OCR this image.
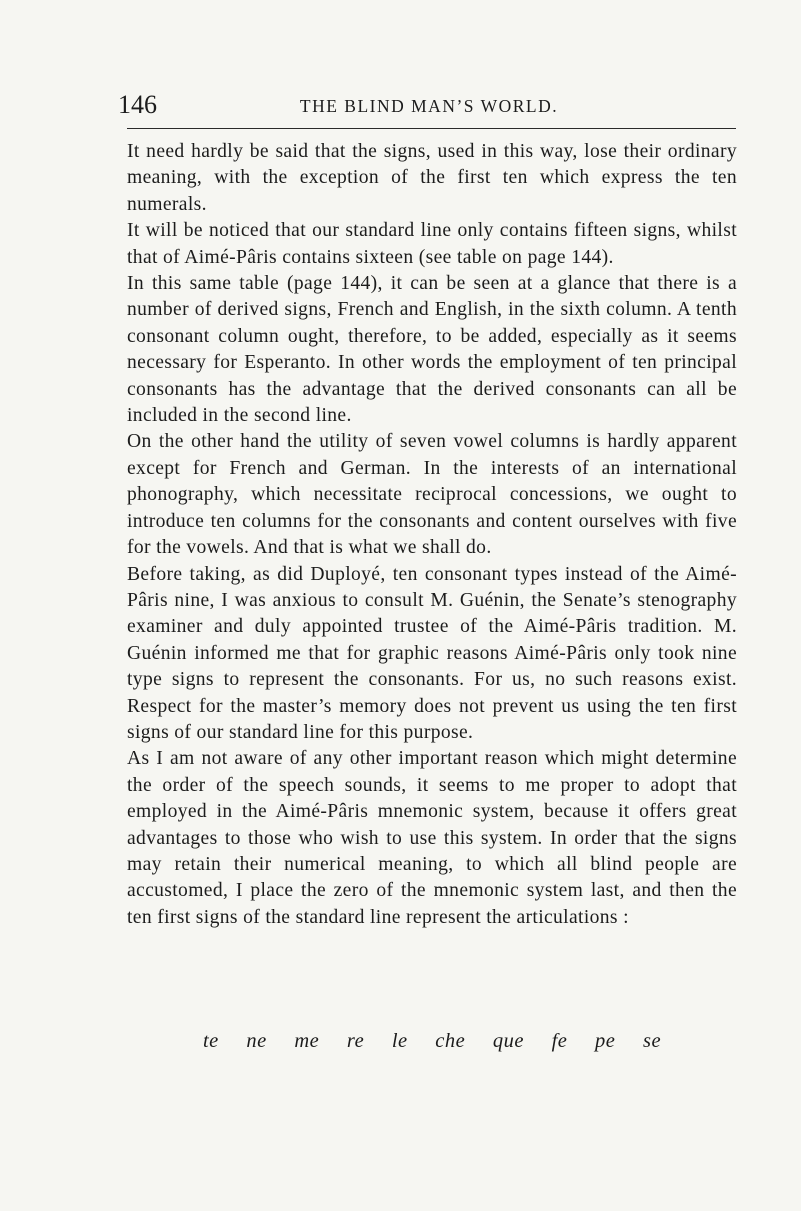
146	THE BLIND MAN’S WORLD.

It need hardly be said that the signs, used in this way, lose their ordinary meaning, with the exception of the first ten which express the ten numerals.

It will be noticed that our standard line only contains fifteen signs, whilst that of Aimé-Pâris contains sixteen (see table on page 144).

In this same table (page 144), it can be seen at a glance that there is a number of derived signs, French and English, in the sixth column. A tenth consonant column ought, therefore, to be added, especially as it seems necessary for Esperanto. In other words the employment of ten principal consonants has the advantage that the derived consonants can all be included in the second line.

On the other hand the utility of seven vowel columns is hardly apparent except for French and German. In the interests of an international phonography, which necessitate reciprocal concessions, we ought to introduce ten columns for the consonants and content ourselves with five for the vowels. And that is what we shall do.

Before taking, as did Duployé, ten consonant types instead of the Aimé-Pâris nine, I was anxious to consult M. Guénin, the Senate’s stenography examiner and duly appointed trustee of the Aimé-Pâris tradition. M. Guénin informed me that for graphic reasons Aimé-Pâris only took nine type signs to represent the consonants. For us, no such reasons exist. Respect for the master’s memory does not prevent us using the ten first signs of our standard line for this purpose.

As I am not aware of any other important reason which might determine the order of the speech sounds, it seems to me proper to adopt that employed in the Aimé-Pâris mnemonic system, because it offers great advantages to those who wish to use this system. In order that the signs may retain their numerical meaning, to which all blind people are accustomed, I place the zero of the mnemonic system last, and then the ten first signs of the standard line represent the articulations :

te ne me re le che que fe pe se
